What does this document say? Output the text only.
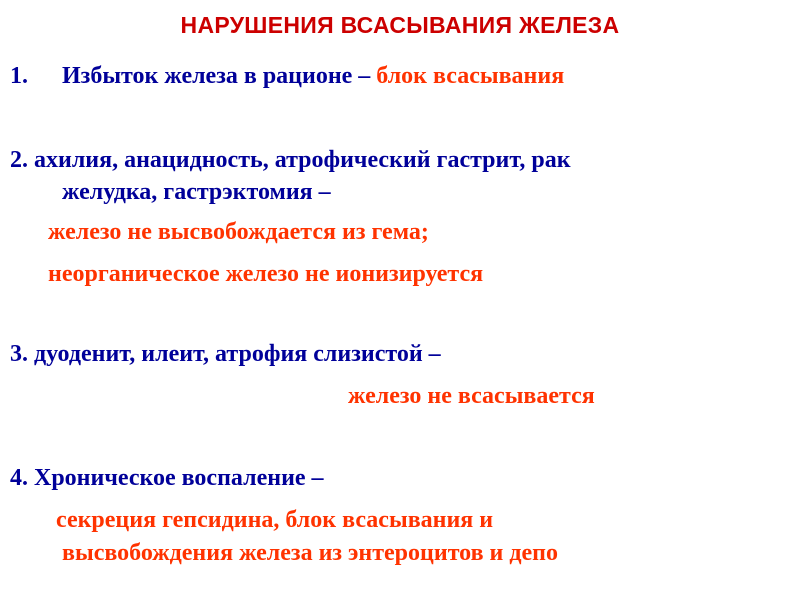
НАРУШЕНИЯ ВСАСЫВАНИЯ ЖЕЛЕЗА
1. Избыток железа в рационе – блок всасывания
2. ахилия, анацидность, атрофический гастрит, рак
желудка, гастрэктомия –
железо не высвобождается из гема;
неорганическое железо не ионизируется
3. дуоденит, илеит, атрофия слизистой –
железо не всасывается
4. Хроническое воспаление –
секреция гепсидина, блок всасывания и
высвобождения железа из энтероцитов и депо
